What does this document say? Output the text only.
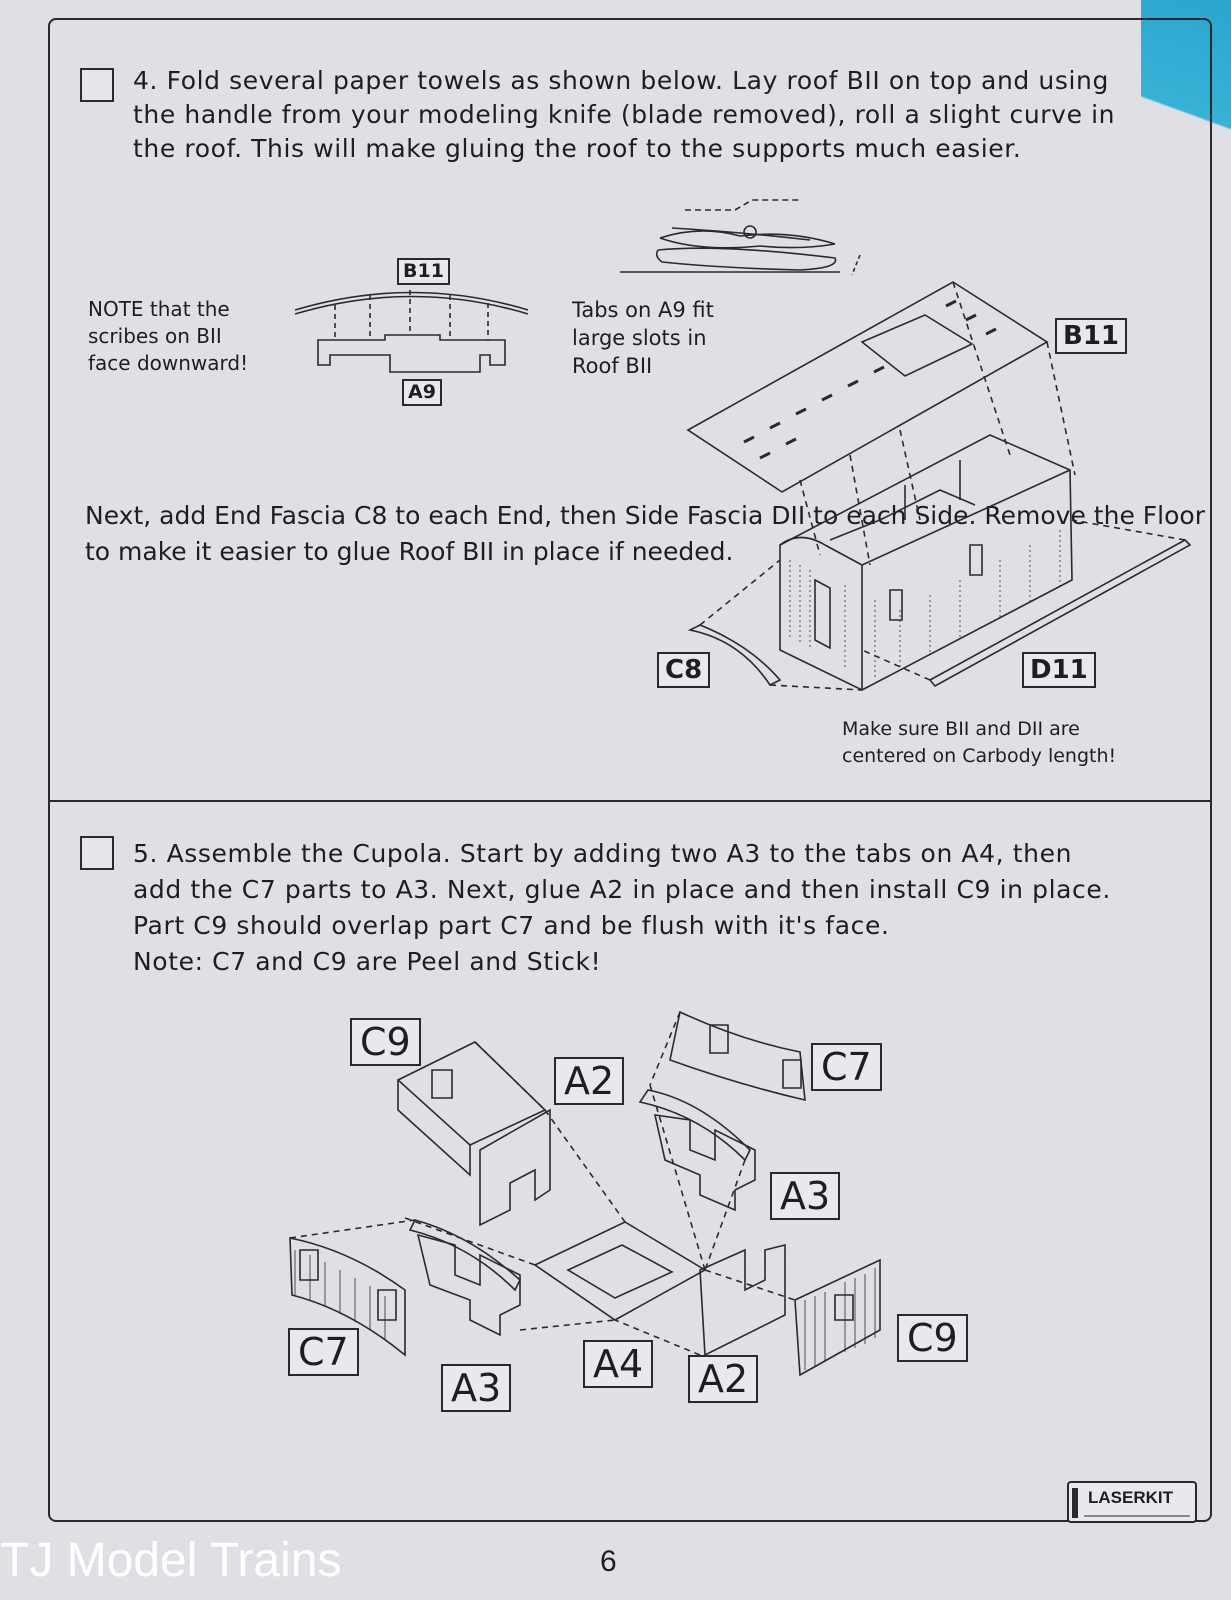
4. Fold several paper towels as shown below. Lay roof BII on top and using
the handle from your modeling knife (blade removed), roll a slight curve in
the roof. This will make gluing the roof to the supports much easier.

NOTE that the
scribes on BII
face downward!

Tabs on A9 fit
large slots in
Roof BII

Next, add End Fascia C8 to each End, then Side Fascia DII to each Side. Remove the Floor to make it easier to glue Roof BII in place if needed.

Make sure BII and DII are
centered on Carbody length!

B11
A9
B11
C8	D11

5. Assemble the Cupola. Start by adding two A3 to the tabs on A4, then
add the C7 parts to A3. Next, glue A2 in place and then install C9 in place.
Part C9 should overlap part C7 and be flush with it's face.
Note: C7 and C9 are Peel and Stick!

C9
A2	C7
A3
C7
A3
A4 A2
C9
TJ Model Trains	6
LASERKIT
